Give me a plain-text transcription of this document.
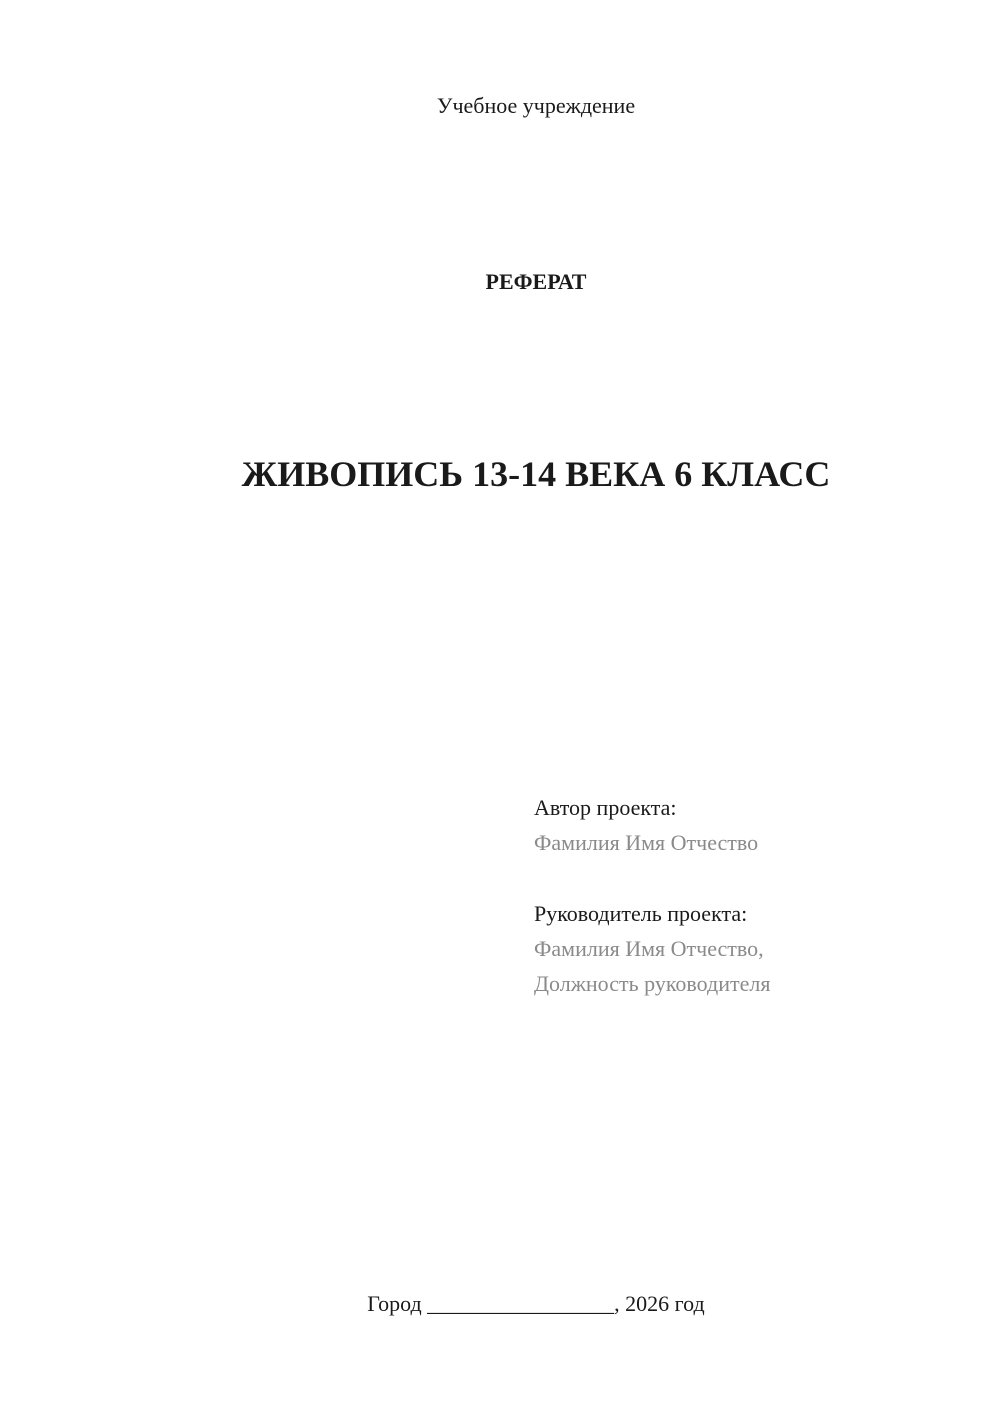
Учебное учреждение
РЕФЕРАТ
ЖИВОПИСЬ 13-14 ВЕКА 6 КЛАСС
Автор проекта:
Фамилия Имя Отчество
Руководитель проекта:
Фамилия Имя Отчество,
Должность руководителя
Город _________________, 2026 год
